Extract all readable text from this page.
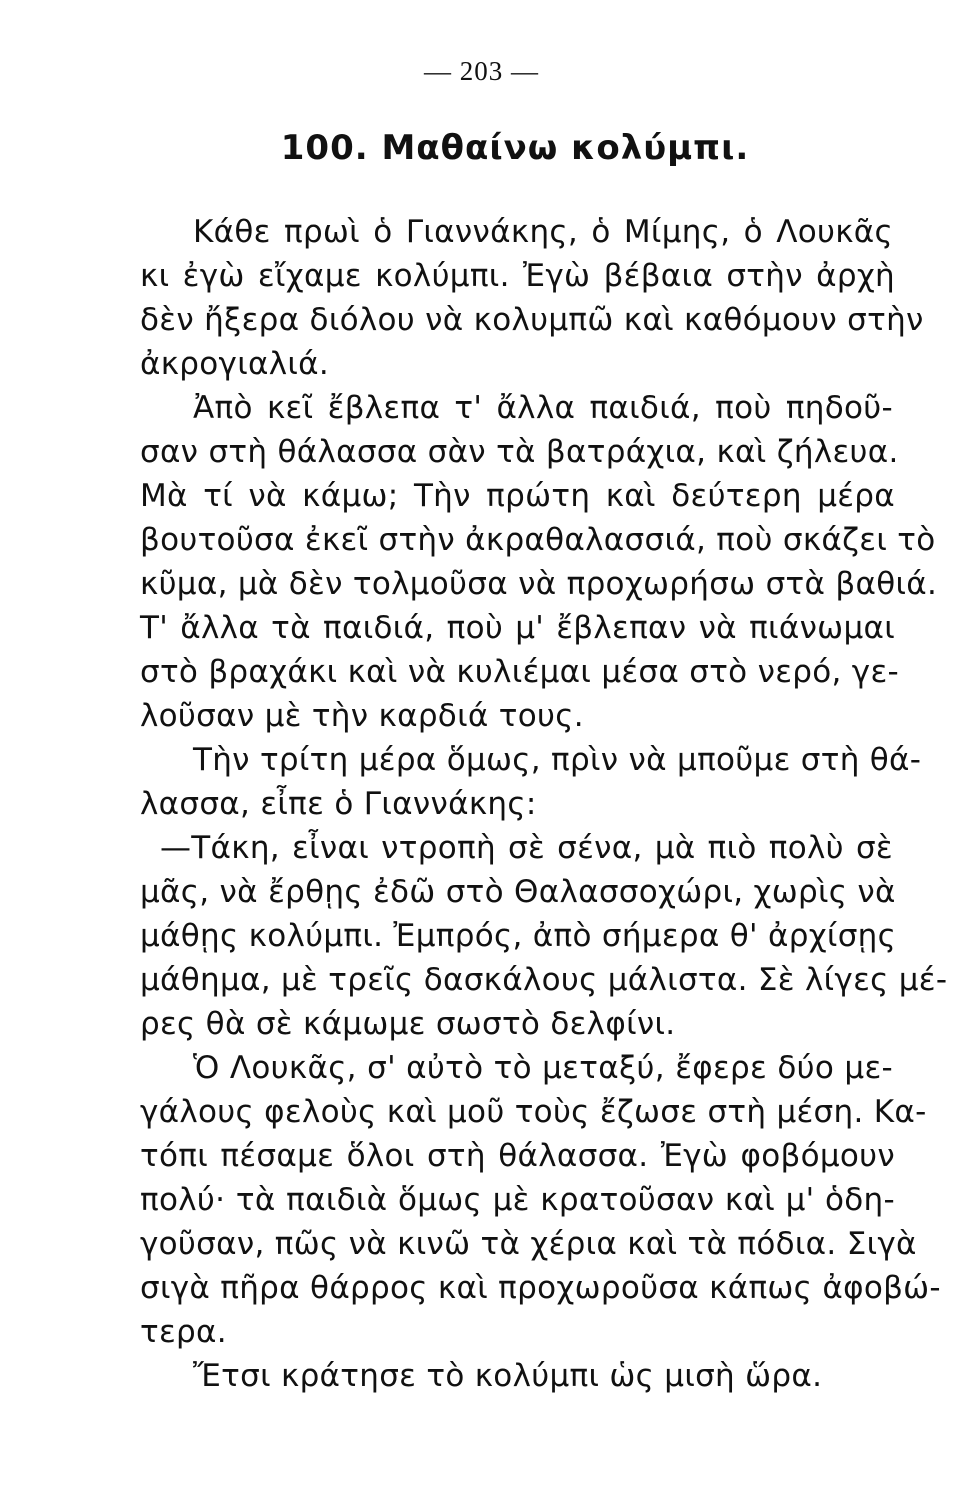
— 203 —
100. Μαθαίνω κολύμπι.
Κάθε πρωὶ ὁ Γιαννάκης, ὁ Μίμης, ὁ Λουκᾶς
κι ἐγὼ εἴχαμε κολύμπι. Ἐγὼ βέβαια στὴν ἀρχὴ
δὲν ἤξερα διόλου νὰ κολυμπῶ καὶ καθόμουν στὴν
ἀκρογιαλιά.
Ἀπὸ κεῖ ἔβλεπα τ' ἄλλα παιδιά, ποὺ πηδοῦ-
σαν στὴ θάλασσα σὰν τὰ βατράχια, καὶ ζήλευα.
Μὰ τί νὰ κάμω; Τὴν πρώτη καὶ δεύτερη μέρα
βουτοῦσα ἐκεῖ στὴν ἀκραθαλασσιά, ποὺ σκάζει τὸ
κῦμα, μὰ δὲν τολμοῦσα νὰ προχωρήσω στὰ βαθιά.
Τ' ἄλλα τὰ παιδιά, ποὺ μ' ἔβλεπαν νὰ πιάνωμαι
στὸ βραχάκι καὶ νὰ κυλιέμαι μέσα στὸ νερό, γε-
λοῦσαν μὲ τὴν καρδιά τους.
Τὴν τρίτη μέρα ὅμως, πρὶν νὰ μποῦμε στὴ θά-
λασσα, εἶπε ὁ Γιαννάκης:
—Τάκη, εἶναι ντροπὴ σὲ σένα, μὰ πιὸ πολὺ σὲ
μᾶς, νὰ ἔρθῃς ἐδῶ στὸ Θαλασσοχώρι, χωρὶς νὰ
μάθῃς κολύμπι. Ἐμπρός, ἀπὸ σήμερα θ' ἀρχίσῃς
μάθημα, μὲ τρεῖς δασκάλους μάλιστα. Σὲ λίγες μέ-
ρες θὰ σὲ κάμωμε σωστὸ δελφίνι.
Ὁ Λουκᾶς, σ' αὐτὸ τὸ μεταξύ, ἔφερε δύο με-
γάλους φελοὺς καὶ μοῦ τοὺς ἔζωσε στὴ μέση. Κα-
τόπι πέσαμε ὅλοι στὴ θάλασσα. Ἐγὼ φοβόμουν
πολύ· τὰ παιδιὰ ὅμως μὲ κρατοῦσαν καὶ μ' ὁδη-
γοῦσαν, πῶς νὰ κινῶ τὰ χέρια καὶ τὰ πόδια. Σιγὰ
σιγὰ πῆρα θάρρος καὶ προχωροῦσα κάπως ἀφοβώ-
τερα.
Ἔτσι κράτησε τὸ κολύμπι ὡς μισὴ ὥρα.
